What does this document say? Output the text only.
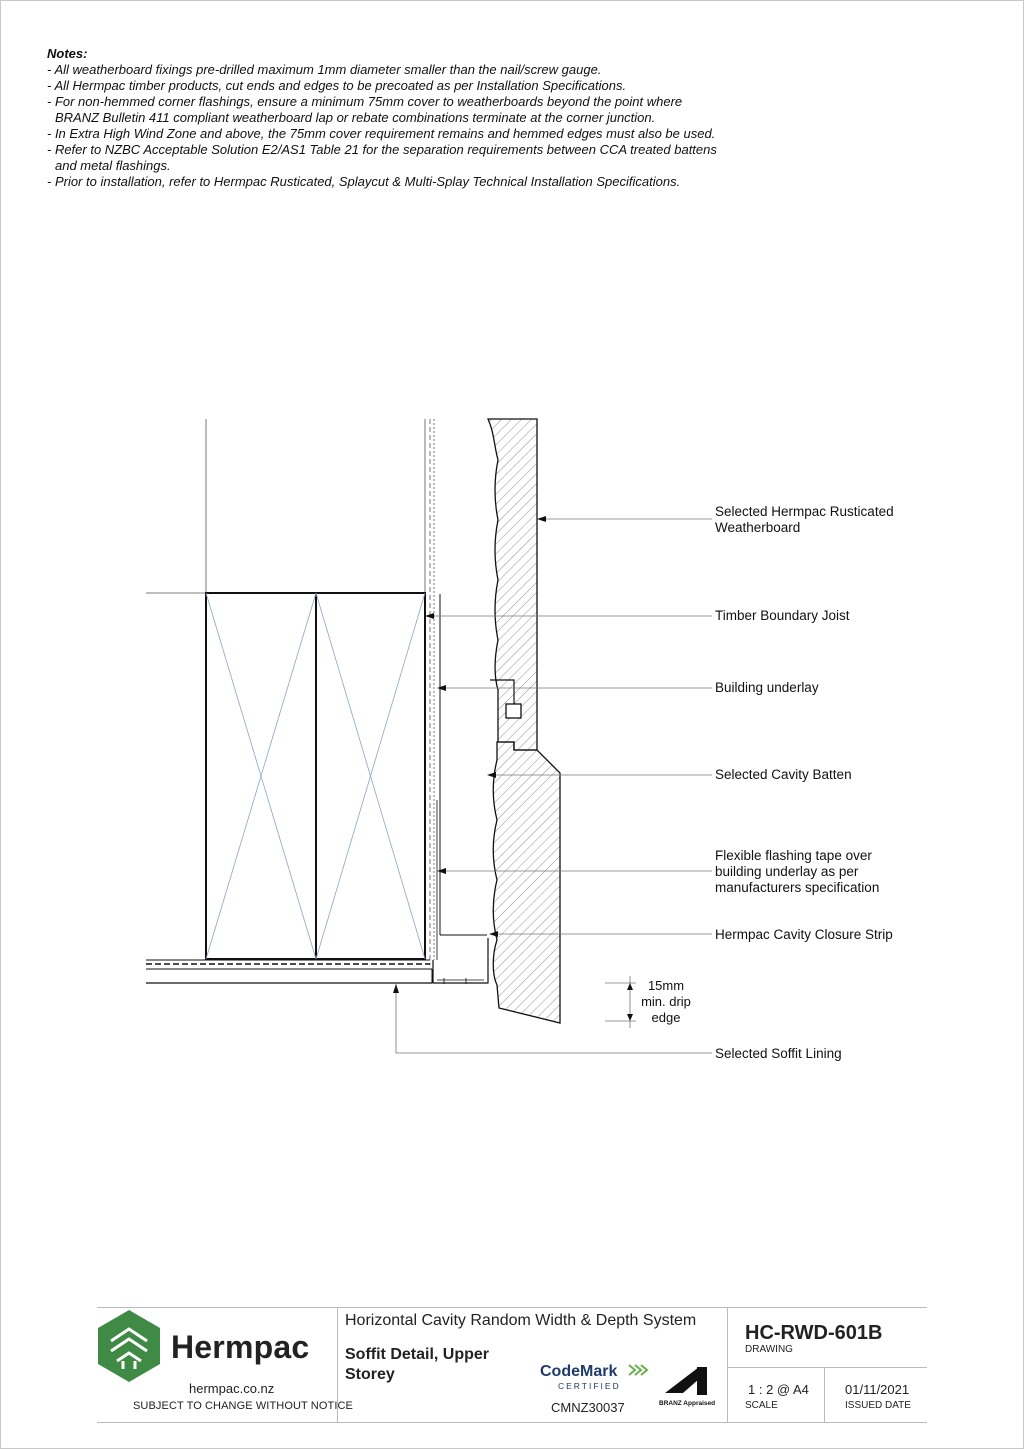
Notes:
- All weatherboard fixings pre-drilled maximum 1mm diameter smaller than the nail/screw gauge.
- All Hermpac timber products, cut ends and edges to be precoated as per Installation Specifications.
- For non-hemmed corner flashings, ensure a minimum 75mm cover to weatherboards beyond the point where BRANZ Bulletin 411 compliant weatherboard lap or rebate combinations terminate at the corner junction.
- In Extra High Wind Zone and above, the 75mm cover requirement remains and hemmed edges must also be used.
- Refer to NZBC Acceptable Solution E2/AS1 Table 21 for the separation requirements between CCA treated battens and metal flashings.
- Prior to installation, refer to Hermpac Rusticated, Splaycut & Multi-Splay Technical Installation Specifications.
Selected Hermpac Rusticated
Weatherboard
Timber Boundary Joist
Building underlay
Selected Cavity Batten
Flexible flashing tape over
building underlay as per
manufacturers specification
Hermpac Cavity Closure Strip
Selected Soffit Lining
15mm
min. drip
edge
Hermpac
hermpac.co.nz
SUBJECT TO CHANGE WITHOUT NOTICE
Horizontal Cavity Random Width & Depth System
Soffit Detail, Upper Storey	CodeMark
CERTIFIED
CMNZ30037	BRANZ Appraised
HC-RWD-601B
DRAWING
1 : 2 @ A4
SCALE
01/11/2021
ISSUED DATE
